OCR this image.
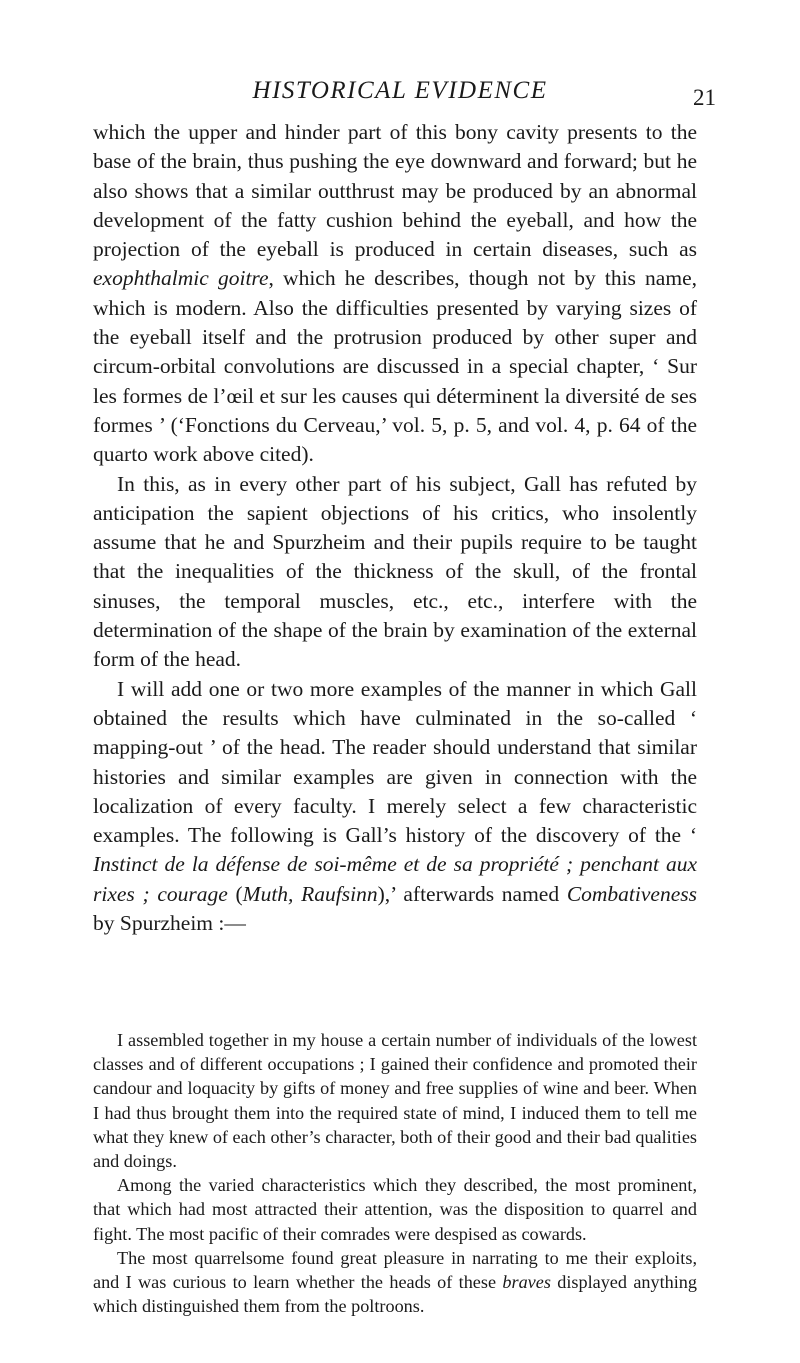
HISTORICAL EVIDENCE	21

which the upper and hinder part of this bony cavity presents to the base of the brain, thus pushing the eye downward and forward; but he also shows that a similar outthrust may be produced by an abnormal development of the fatty cushion behind the eyeball, and how the projection of the eyeball is produced in certain diseases, such as exophthalmic goitre, which he describes, though not by this name, which is modern. Also the difficulties presented by varying sizes of the eyeball itself and the protrusion produced by other super and circum-orbital convolutions are discussed in a special chapter, ‘ Sur les formes de l’œil et sur les causes qui déterminent la diversité de ses formes ’ (‘Fonctions du Cerveau,’ vol. 5, p. 5, and vol. 4, p. 64 of the quarto work above cited).

In this, as in every other part of his subject, Gall has refuted by anticipation the sapient objections of his critics, who insolently assume that he and Spurzheim and their pupils require to be taught that the inequalities of the thickness of the skull, of the frontal sinuses, the temporal muscles, etc., etc., interfere with the determination of the shape of the brain by examination of the external form of the head.

I will add one or two more examples of the manner in which Gall obtained the results which have culminated in the so-called ‘ mapping-out ’ of the head. The reader should understand that similar histories and similar examples are given in connection with the localization of every faculty. I merely select a few characteristic examples. The following is Gall’s history of the discovery of the ‘ Instinct de la défense de soi-même et de sa propriété ; penchant aux rixes ; courage (Muth, Raufsinn),’ afterwards named Combativeness by Spurzheim :—

I assembled together in my house a certain number of individuals of the lowest classes and of different occupations ; I gained their confidence and promoted their candour and loquacity by gifts of money and free supplies of wine and beer. When I had thus brought them into the required state of mind, I induced them to tell me what they knew of each other’s character, both of their good and their bad qualities and doings.

Among the varied characteristics which they described, the most prominent, that which had most attracted their attention, was the disposition to quarrel and fight. The most pacific of their comrades were despised as cowards.

The most quarrelsome found great pleasure in narrating to me their exploits, and I was curious to learn whether the heads of these braves displayed anything which distinguished them from the poltroons.
